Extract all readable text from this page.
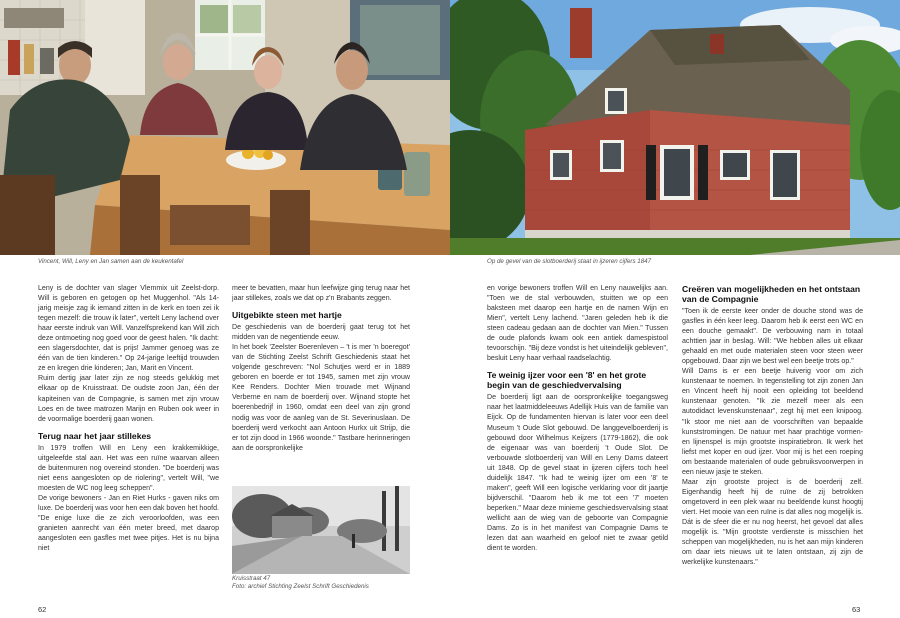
Vincent, Will, Leny en Jan samen aan de keukentafel	Op de gevel van de slotboerderij staat in ijzeren cijfers 1847

Leny is de dochter van slager Vlemmix uit Zeelst-dorp. Will is geboren en getogen op het Muggenhol. "Als 14-jarig meisje zag ik iemand zitten in de kerk en toen zei ik tegen mezelf: die trouw ik later", vertelt Leny lachend over haar eerste indruk van Will. Vanzelfsprekend kan Will zich deze ontmoeting nog goed voor de geest halen. "Ik dacht: een slagersdochter, dat is prijs! Jammer genoeg was ze één van de tien kinderen." Op 24-jarige leeftijd trouwden ze en kregen drie kinderen; Jan, Marit en Vincent.

Ruim dertig jaar later zijn ze nog steeds gelukkig met elkaar op de Kruisstraat. De oudste zoon Jan, één der kapiteinen van de Compagnie, is samen met zijn vrouw Loes en de twee matrozen Marijn en Ruben ook weer in de voormalige boerderij gaan wonen.

Terug naar het jaar stillekes

In 1979 troffen Will en Leny een krakkemikkige, uitgeleefde stal aan. Het was een ruïne waarvan alleen de buitenmuren nog overeind stonden. "De boerderij was niet eens aangesloten op de riolering", vertelt Will, "we moesten de WC nog leeg scheppen".

De vorige bewoners - Jan en Riet Hurks - gaven niks om luxe. De boerderij was voor hen een dak boven het hoofd. "De enige luxe die ze zich veroorloofden, was een granieten aanrecht van één meter breed, met daarop aangesloten een gasfles met twee pitjes. Het is nu bijna niet

meer te bevatten, maar hun leefwijze ging terug naar het jaar stillekes, zoals we dat op z'n Brabants zeggen.

Uitgebikte steen met hartje

De geschiedenis van de boerderij gaat terug tot het midden van de negentiende eeuw.

In het boek 'Zeelster Boerenleven – 't is mer 'n boeregot' van de Stichting Zeelst Schrift Geschiedenis staat het volgende geschreven: "Nol Schutjes werd er in 1889 geboren en boerde er tot 1945, samen met zijn vrouw Kee Renders. Dochter Mien trouwde met Wijnand Verberne en nam de boerderij over. Wijnand stopte het boerenbedrijf in 1960, omdat een deel van zijn grond nodig was voor de aanleg van de St. Severinuslaan. De boerderij werd verkocht aan Antoon Hurkx uit Strijp, die er tot zijn dood in 1966 woonde." Tastbare herinneringen aan de oorspronkelijke

Kruisstraat 47
Foto: archief Stichting Zeelst Schrift Geschiedenis

en vorige bewoners troffen Will en Leny nauwelijks aan. "Toen we de stal verbouwden, stuitten we op een baksteen met daarop een hartje en de namen Wijn en Mien", vertelt Leny lachend. "Jaren geleden heb ik die steen cadeau gedaan aan de dochter van Mien." Tussen de oude plafonds kwam ook een antiek damespistool tevoorschijn. "Bij deze vondst is het uiteindelijk gebleven", besluit Leny haar verhaal raadselachtig.

Te weinig ijzer voor een '8' en het grote begin van de geschiedvervalsing

De boerderij ligt aan de oorspronkelijke toegangsweg naar het laatmiddeleeuws Adellijk Huis van de familie van Eijck. Op de fundamenten hiervan is later voor een deel Museum 't Oude Slot gebouwd. De langgevelboerderij is gebouwd door Wilhelmus Keijzers (1779-1862), die ook de eigenaar was van boerderij 't Oude Slot. De verbouwde slotboerderij van Will en Leny Dams dateert uit 1848. Op de gevel staat in ijzeren cijfers toch heel duidelijk 1847. "Ik had te weinig ijzer om een '8' te maken", geeft Will een logische verklaring voor dit jaartje bijdverschil. "Daarom heb ik me tot een '7' moeten beperken." Maar deze minieme geschiedsvervalsing staat wellicht aan de wieg van de geboorte van Compagnie Dams. Zo is in het manifest van Compagnie Dams te lezen dat aan waarheid en geloof niet te zwaar getild dient te worden.

Creëren van mogelijkheden en het ontstaan van de Compagnie

"Toen ik de eerste keer onder de douche stond was de gasfles in één keer leeg. Daarom heb ik eerst een WC en een douche gemaakt". De verbouwing nam in totaal achttien jaar in beslag. Will: "We hebben alles uit elkaar gehaald en met oude materialen steen voor steen weer opgebouwd. Daar zijn we best wel een beetje trots op."

Will Dams is er een beetje huiverig voor om zich kunstenaar te noemen. In tegenstelling tot zijn zonen Jan en Vincent heeft hij nooit een opleiding tot beeldend kunstenaar genoten. "Ik zie mezelf meer als een autodidact levenskunstenaar", zegt hij met een knipoog. "Ik stoor me niet aan de voorschriften van bepaalde kunststromingen. De natuur met haar prachtige vormen- en lijnenspel is mijn grootste inspiratiebron. Ik werk het liefst met koper en oud ijzer. Voor mij is het een roeping om bestaande materialen of oude gebruiksvoorwerpen in een nieuw jasje te steken.

Maar zijn grootste project is de boerderij zelf. Eigenhandig heeft hij de ruïne de zij betrokken omgetoverd in een plek waar nu beeldende kunst hoogtij viert. Het mooie van een ruïne is dat alles nog mogelijk is. Dát is de sfeer die er nu nog heerst, het gevoel dat alles mogelijk is. "Mijn grootste verdienste is misschien het scheppen van mogelijkheden, nu is het aan mijn kinderen om daar iets nieuws uit te laten ontstaan, zij zijn de werkelijke kunstenaars."

62	63
